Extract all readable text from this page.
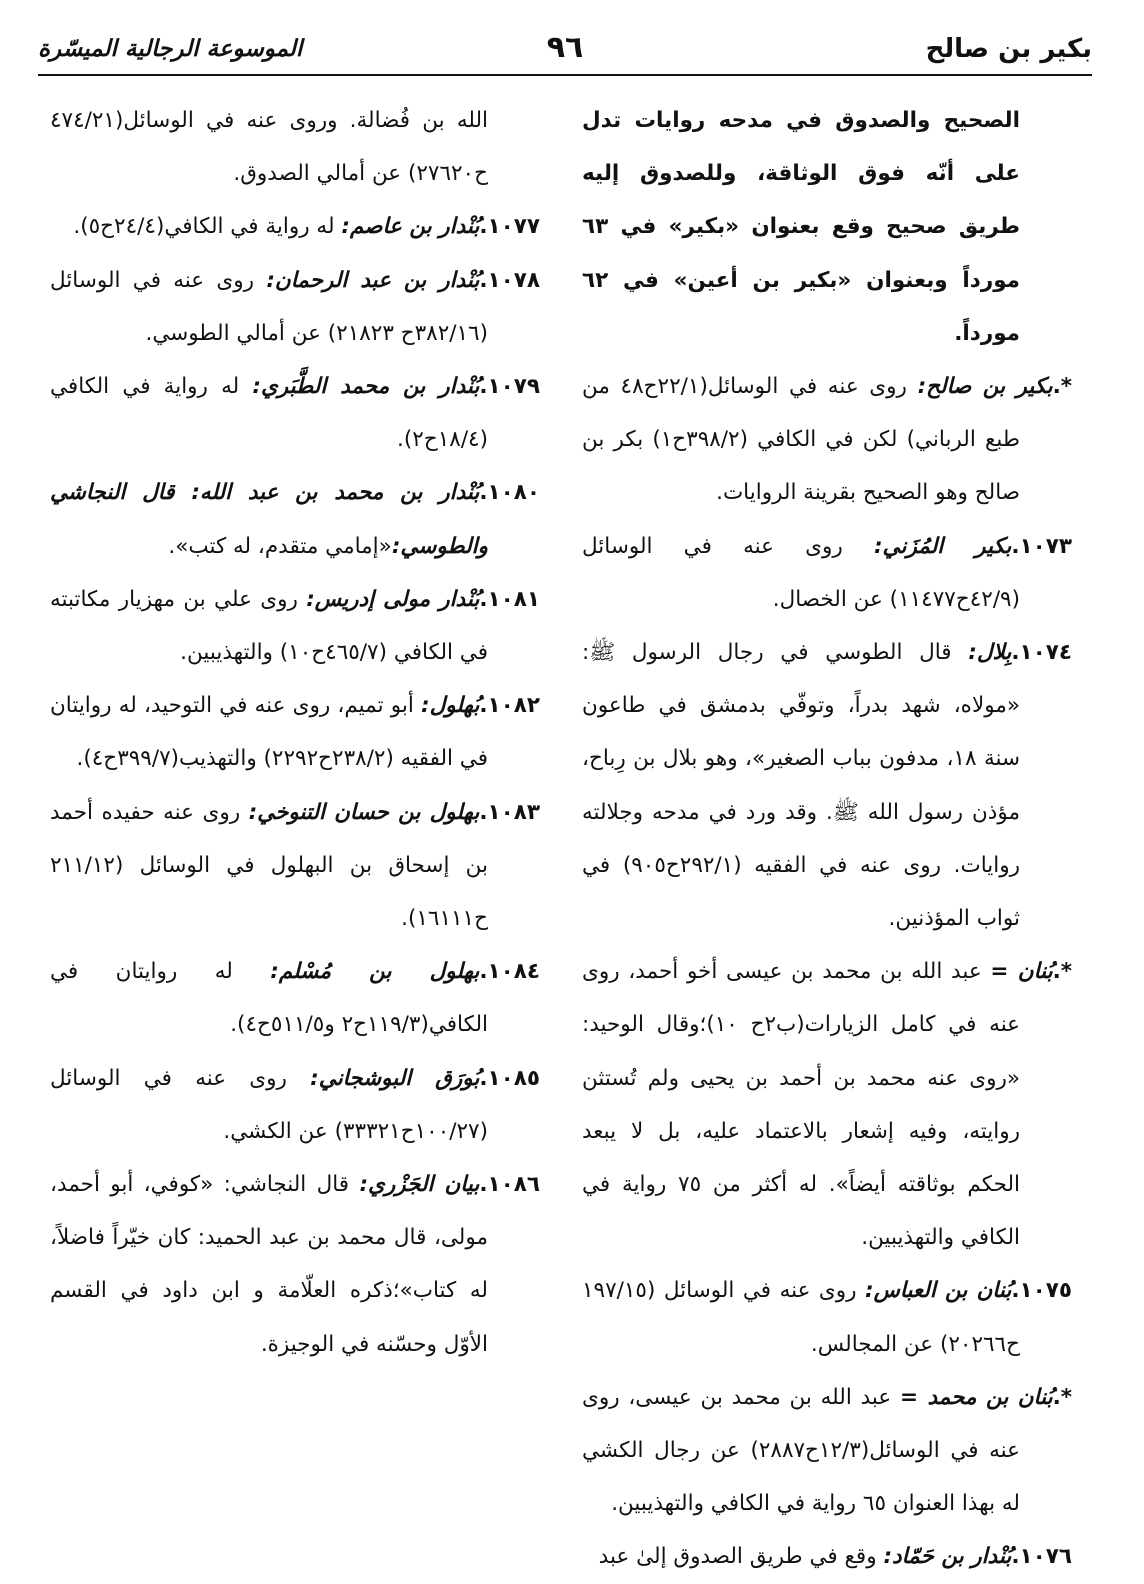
بكير بن صالح
٩٦
الموسوعة الرجالية الميسّرة

الصحيح والصدوق في مدحه روايات تدل على أنّه فوق الوثاقة، وللصدوق إليه طريق صحيح وقع بعنوان «بكير» في ٦٣ مورداً وبعنوان «بكير بن أعين» في ٦٢ مورداً.

*.بكير بن صالح: روى عنه في الوسائل(٢٢/١ح٤٨ من طبع الرباني) لكن في الكافي (٣٩٨/٢ح١) بكر بن صالح وهو الصحيح بقرينة الروايات.

١٠٧٣.بكير المُزَني: روى عنه في الوسائل (٤٢/٩ح١١٤٧٧) عن الخصال.

١٠٧٤.بِلال: قال الطوسي في رجال الرسول ﷺ: «مولاه، شهد بدراً، وتوفّي بدمشق في طاعون سنة ١٨، مدفون بباب الصغير»، وهو بلال بن رِباح، مؤذن رسول الله ﷺ. وقد ورد في مدحه وجلالته روايات. روى عنه في الفقيه (٢٩٢/١ح٩٠٥) في ثواب المؤذنين.

*.بُنان = عبد الله بن محمد بن عيسى أخو أحمد، روى عنه في كامل الزيارات(ب٢ح ١٠)؛وقال الوحيد: «روى عنه محمد بن أحمد بن يحيى ولم تُستثن روايته، وفيه إشعار بالاعتماد عليه، بل لا يبعد الحكم بوثاقته أيضاً». له أكثر من ٧٥ رواية في الكافي والتهذيبين.

١٠٧٥.بُنان بن العباس: روى عنه في الوسائل (١٩٧/١٥ ح٢٠٢٦٦) عن المجالس.

*.بُنان بن محمد = عبد الله بن محمد بن عيسى، روى عنه في الوسائل(١٢/٣ح٢٨٨٧) عن رجال الكشي له بهذا العنوان ٦٥ رواية في الكافي والتهذيبين.

١٠٧٦.بُنْدار بن حَمّاد: وقع في طريق الصدوق إلىٰ عبد

الله بن فُضالة. وروى عنه في الوسائل(٤٧٤/٢١ ح٢٧٦٢٠) عن أمالي الصدوق.

١٠٧٧.بُنْدار بن عاصم: له رواية في الكافي(٢٤/٤ح٥).

١٠٧٨.بُنْدار بن عبد الرحمان: روى عنه في الوسائل (٣٨٢/١٦ح ٢١٨٢٣) عن أمالي الطوسي.

١٠٧٩.بُنْدار بن محمد الطَّبَري: له رواية في الكافي (١٨/٤ح٢).

١٠٨٠.بُنْدار بن محمد بن عبد الله: قال النجاشي والطوسي:«إمامي متقدم، له كتب».

١٠٨١.بُنْدار مولى إدريس: روى علي بن مهزيار مكاتبته في الكافي (٤٦٥/٧ح١٠) والتهذيبين.

١٠٨٢.بُهلول: أبو تميم، روى عنه في التوحيد، له روايتان في الفقيه (٢٣٨/٢ح٢٢٩٢) والتهذيب(٣٩٩/٧ح٤).

١٠٨٣.بهلول بن حسان التنوخي: روى عنه حفيده أحمد بن إسحاق بن البهلول في الوسائل (٢١١/١٢ ح١٦١١١).

١٠٨٤.بهلول بن مُسْلم: له روايتان في الكافي(١١٩/٣ح٢ و٥١١/٥ح٤).

١٠٨٥.بُورَق البوشجاني: روى عنه في الوسائل (١٠٠/٢٧ح٣٣٣٢١) عن الكشي.

١٠٨٦.بيان الجَزْري: قال النجاشي: «كوفي، أبو أحمد، مولى، قال محمد بن عبد الحميد: كان خيّراً فاضلاً، له كتاب»؛ذكره العلّامة و ابن داود في القسم الأوّل وحسّنه في الوجيزة.
